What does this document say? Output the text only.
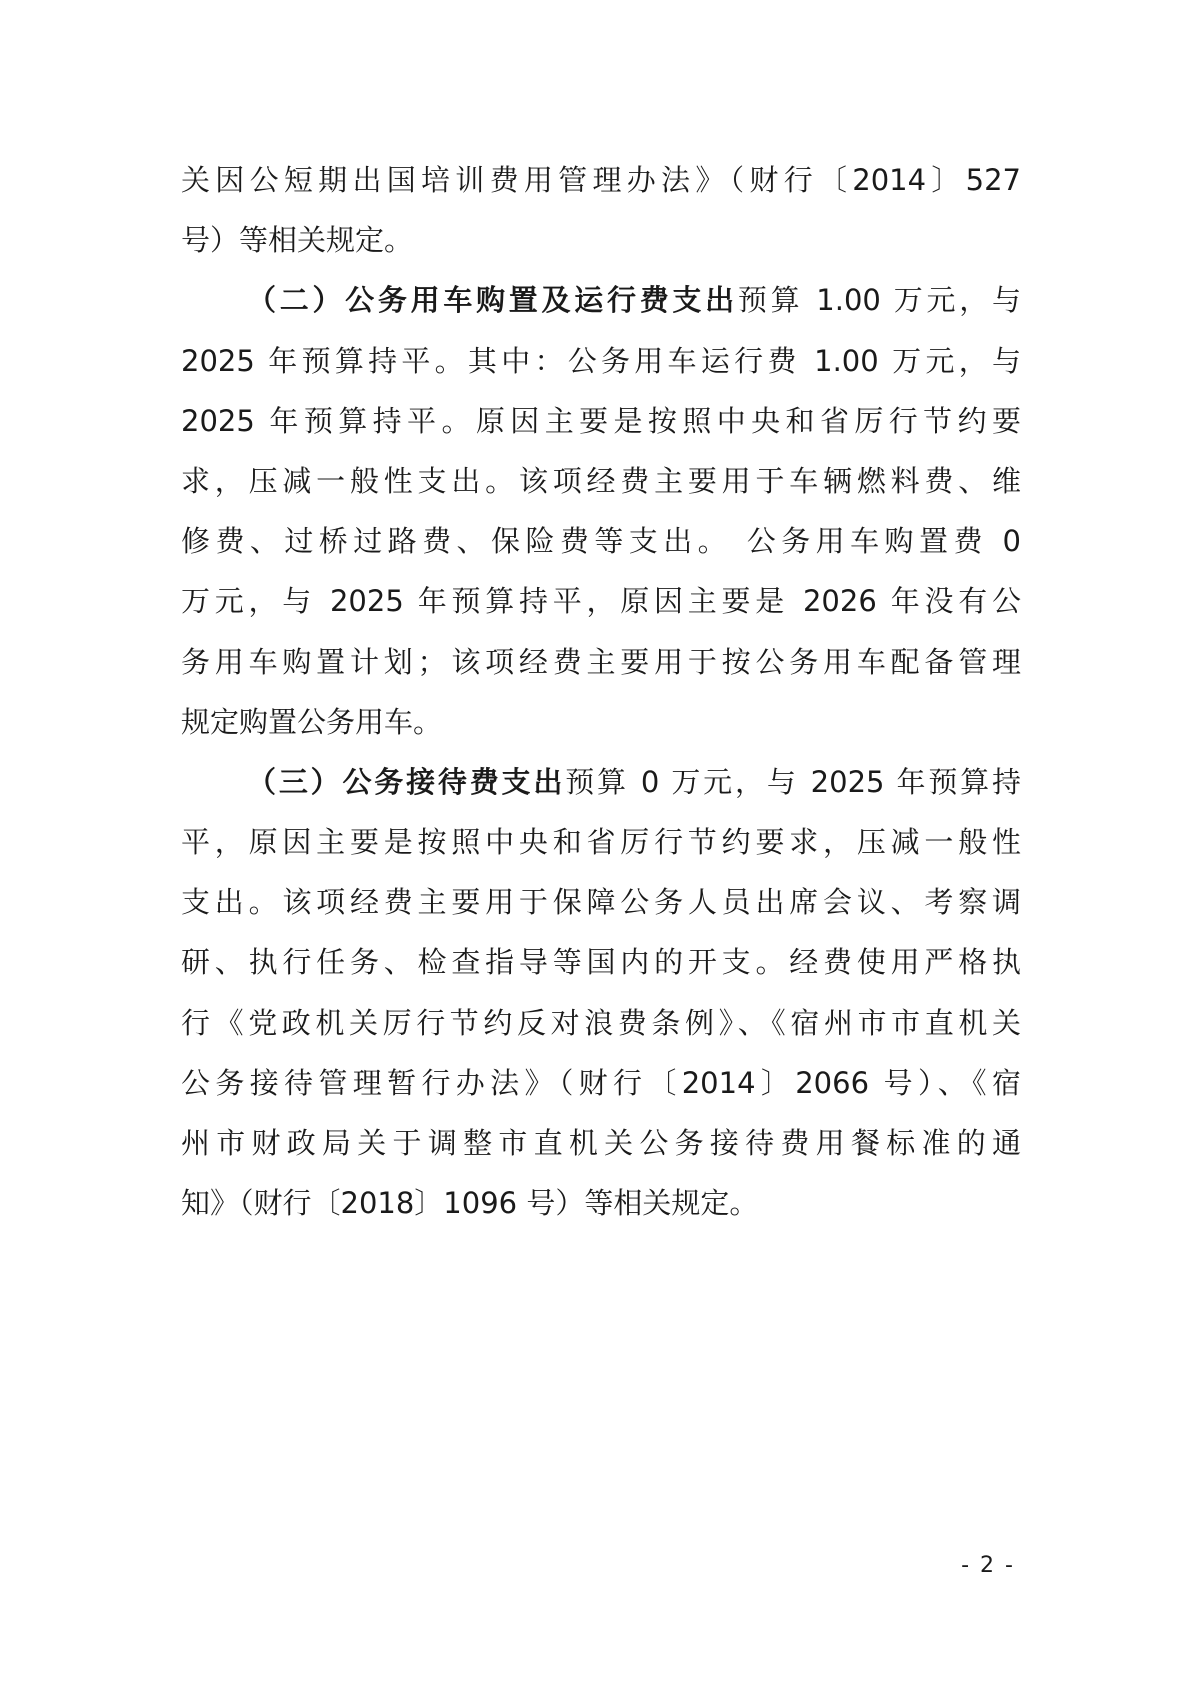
关因公短期出国培训费用管理办法》（财行〔2014〕527
号）等相关规定。
（二）公务用车购置及运行费支出预算 1.00 万元，与
2025 年预算持平。其中：公务用车运行费 1.00 万元，与
2025 年预算持平。原因主要是按照中央和省厉行节约要
求，压减一般性支出。该项经费主要用于车辆燃料费、维
修费、过桥过路费、保险费等支出。 公务用车购置费 0
万元，与 2025 年预算持平，原因主要是 2026 年没有公
务用车购置计划；该项经费主要用于按公务用车配备管理
规定购置公务用车。
（三）公务接待费支出预算 0 万元，与 2025 年预算持
平，原因主要是按照中央和省厉行节约要求，压减一般性
支出。该项经费主要用于保障公务人员出席会议、考察调
研、执行任务、检查指导等国内的开支。经费使用严格执
行《党政机关厉行节约反对浪费条例》、《宿州市市直机关
公务接待管理暂行办法》（财行〔2014〕2066 号）、《宿
州市财政局关于调整市直机关公务接待费用餐标准的通
知》（财行〔2018〕1096 号）等相关规定。
- 2 -
